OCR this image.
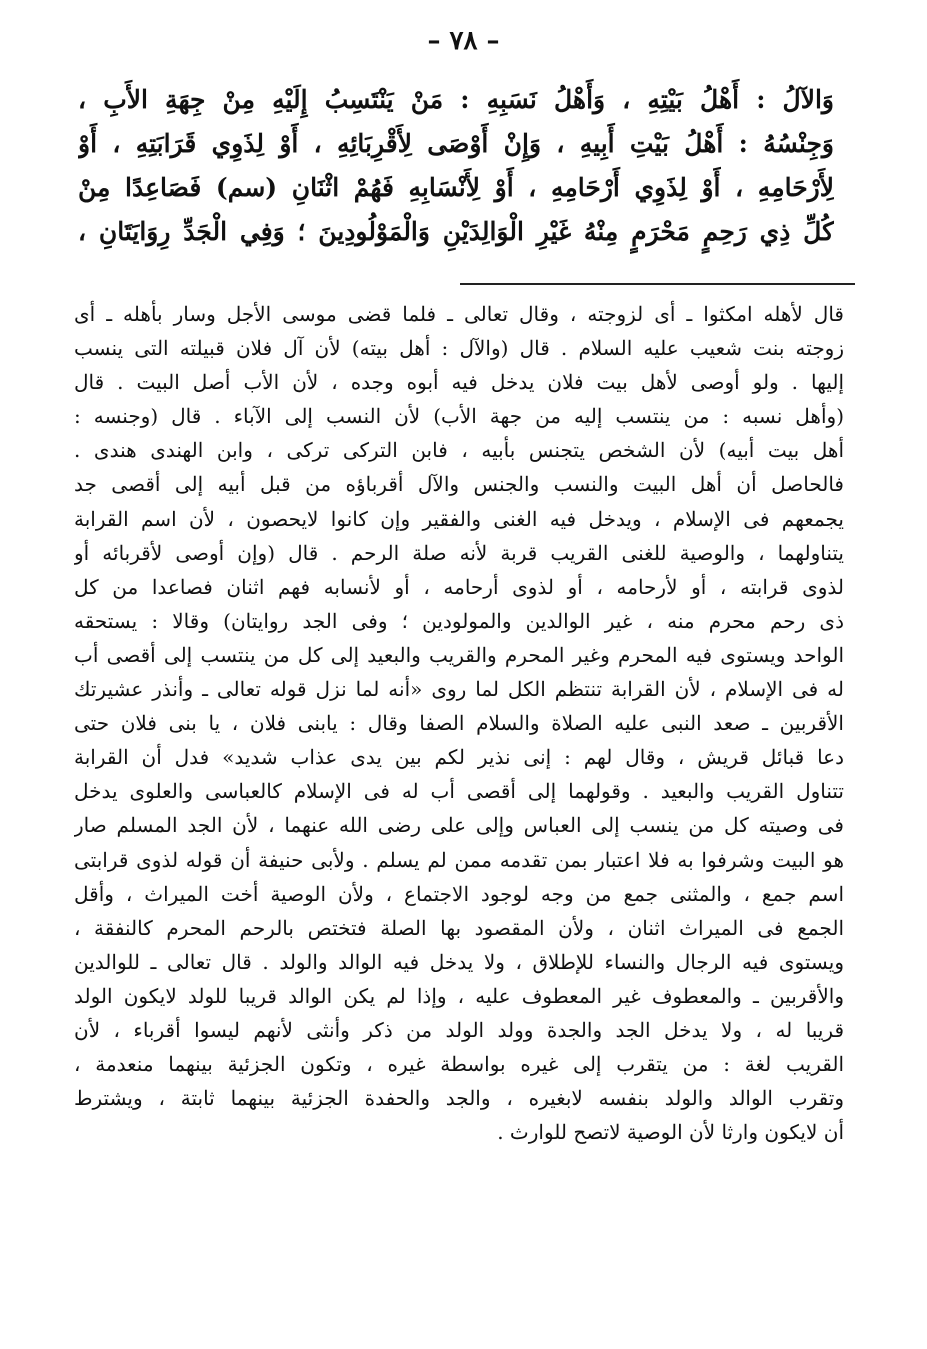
– ٧٨ –
وَالآلُ : أَهْلُ بَيْتِهِ ، وَأَهْلُ نَسَبِهِ : مَنْ يَنْتَسِبُ إِلَيْهِ مِنْ جِهَةِ الأَبِ ،
وَجِنْسُهُ : أَهْلُ بَيْتِ أَبِيهِ ، وَإِنْ أَوْصَى لِأَقْرِبَائِهِ ، أَوْ لِذَوِي قَرَابَتِهِ ، أَوْ
لِأَرْحَامِهِ ، أَوْ لِذَوِي أَرْحَامِهِ ، أَوْ لِأَنْسَابِهِ فَهُمْ اثْنَانِ (سم) فَصَاعِدًا مِنْ
كُلِّ ذِي رَحِمٍ مَحْرَمٍ مِنْهُ غَيْرِ الْوَالِدَيْنِ وَالْمَوْلُودِينَ ؛ وَفِي الْجَدِّ رِوَايَتَانِ ،
قال لأهله امكثوا ـ أى لزوجته ، وقال تعالى ـ فلما قضى موسى الأجل وسار بأهله ـ أى
زوجته بنت شعيب عليه السلام . قال (والآل : أهل بيته) لأن آل فلان قبيلته التى ينسب
إليها . ولو أوصى لأهل بيت فلان يدخل فيه أبوه وجده ، لأن الأب أصل البيت . قال
(وأهل نسبه : من ينتسب إليه من جهة الأب) لأن النسب إلى الآباء . قال (وجنسه :
أهل بيت أبيه) لأن الشخص يتجنس بأبيه ، فابن التركى تركى ، وابن الهندى هندى .
فالحاصل أن أهل البيت والنسب والجنس والآل أقرباؤه من قبل أبيه إلى أقصى جد
يجمعهم فى الإسلام ، ويدخل فيه الغنى والفقير وإن كانوا لايحصون ، لأن اسم القرابة
يتناولهما ، والوصية للغنى القريب قربة لأنه صلة الرحم . قال (وإن أوصى لأقربائه أو
لذوى قرابته ، أو لأرحامه ، أو لذوى أرحامه ، أو لأنسابه فهم اثنان فصاعدا من كل
ذى رحم محرم منه ، غير الوالدين والمولودين ؛ وفى الجد روايتان) وقالا : يستحقه
الواحد ويستوى فيه المحرم وغير المحرم والقريب والبعيد إلى كل من ينتسب إلى أقصى أب
له فى الإسلام ، لأن القرابة تنتظم الكل لما روى «أنه لما نزل قوله تعالى ـ وأنذر عشيرتك
الأقربين ـ صعد النبى عليه الصلاة والسلام الصفا وقال : يابنى فلان ، يا بنى فلان حتى
دعا قبائل قريش ، وقال لهم : إنى نذير لكم بين يدى عذاب شديد» فدل أن القرابة
تتناول القريب والبعيد . وقولهما إلى أقصى أب له فى الإسلام كالعباسى والعلوى يدخل
فى وصيته كل من ينسب إلى العباس وإلى على رضى الله عنهما ، لأن الجد المسلم صار
هو البيت وشرفوا به فلا اعتبار بمن تقدمه ممن لم يسلم . ولأبى حنيفة أن قوله لذوى قرابتى
اسم جمع ، والمثنى جمع من وجه لوجود الاجتماع ، ولأن الوصية أخت الميراث ، وأقل
الجمع فى الميراث اثنان ، ولأن المقصود بها الصلة فتختص بالرحم المحرم كالنفقة ،
ويستوى فيه الرجال والنساء للإطلاق ، ولا يدخل فيه الوالد والولد . قال تعالى ـ للوالدين
والأقربين ـ والمعطوف غير المعطوف عليه ، وإذا لم يكن الوالد قريبا للولد لايكون الولد
قريبا له ، ولا يدخل الجد والجدة وولد الولد من ذكر وأنثى لأنهم ليسوا أقرباء ، لأن
القريب لغة : من يتقرب إلى غيره بواسطة غيره ، وتكون الجزئية بينهما منعدمة ،
وتقرب الوالد والولد بنفسه لابغيره ، والجد والحفدة الجزئية بينهما ثابتة ، ويشترط
أن لايكون وارثا لأن الوصية لاتصح للوارث .
